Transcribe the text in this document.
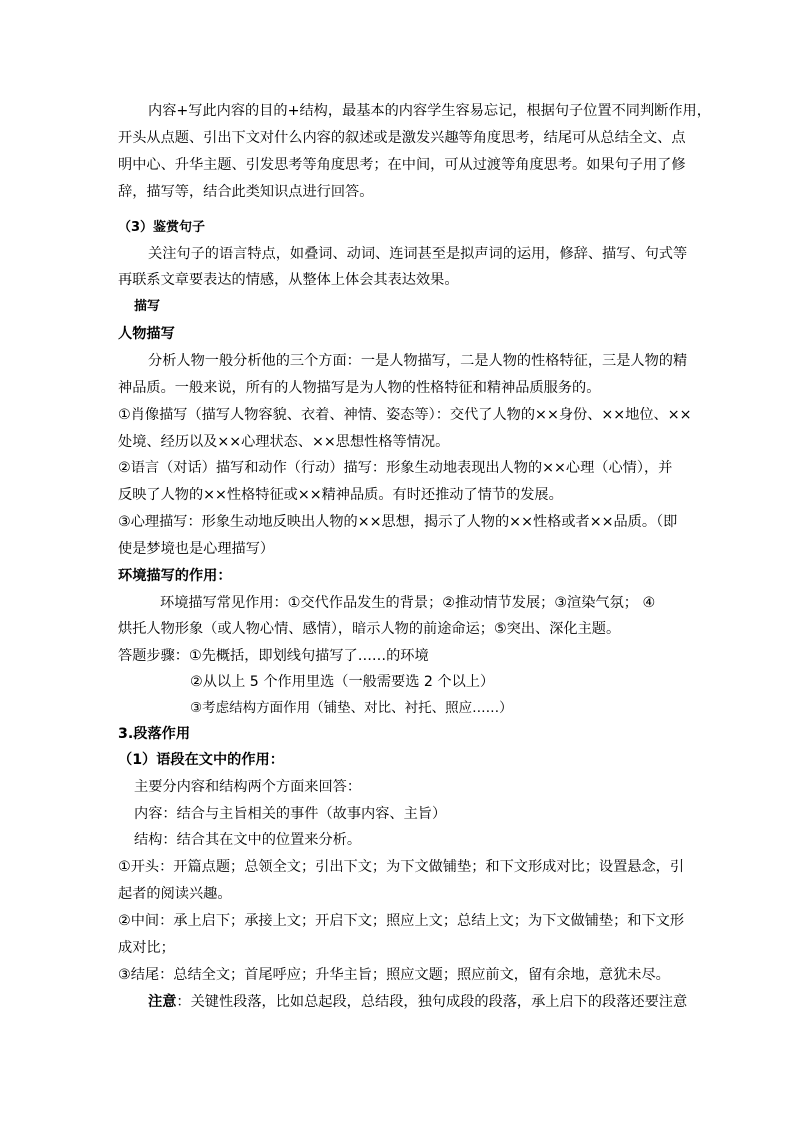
内容+写此内容的目的+结构，最基本的内容学生容易忘记，根据句子位置不同判断作用，
开头从点题、引出下文对什么内容的叙述或是激发兴趣等角度思考，结尾可从总结全文、点
明中心、升华主题、引发思考等角度思考；在中间，可从过渡等角度思考。如果句子用了修
辞，描写等，结合此类知识点进行回答。
（3）鉴赏句子
关注句子的语言特点，如叠词、动词、连词甚至是拟声词的运用，修辞、描写、句式等
再联系文章要表达的情感，从整体上体会其表达效果。
描写
人物描写
分析人物一般分析他的三个方面：一是人物描写，二是人物的性格特征，三是人物的精
神品质。一般来说，所有的人物描写是为人物的性格特征和精神品质服务的。
①肖像描写（描写人物容貌、衣着、神情、姿态等）：交代了人物的××身份、××地位、××
处境、经历以及××心理状态、××思想性格等情况。
②语言（对话）描写和动作（行动）描写：形象生动地表现出人物的××心理（心情），并
反映了人物的××性格特征或××精神品质。有时还推动了情节的发展。
③心理描写：形象生动地反映出人物的××思想，揭示了人物的××性格或者××品质。（即
使是梦境也是心理描写）
环境描写的作用：
环境描写常见作用：①交代作品发生的背景；②推动情节发展；③渲染气氛； ④
烘托人物形象（或人物心情、感情），暗示人物的前途命运；⑤突出、深化主题。
答题步骤：①先概括，即划线句描写了……的环境
②从以上 5 个作用里选（一般需要选 2 个以上）
③考虑结构方面作用（铺垫、对比、衬托、照应……）
3.段落作用
（1）语段在文中的作用：
主要分内容和结构两个方面来回答：
内容：结合与主旨相关的事件（故事内容、主旨）
结构：结合其在文中的位置来分析。
①开头：开篇点题；总领全文；引出下文；为下文做铺垫；和下文形成对比；设置悬念，引
起者的阅读兴趣。
②中间：承上启下；承接上文；开启下文；照应上文；总结上文；为下文做铺垫；和下文形
成对比；
③结尾：总结全文；首尾呼应；升华主旨；照应文题；照应前文，留有余地，意犹未尽。
注意：关键性段落，比如总起段，总结段，独句成段的段落，承上启下的段落还要注意
